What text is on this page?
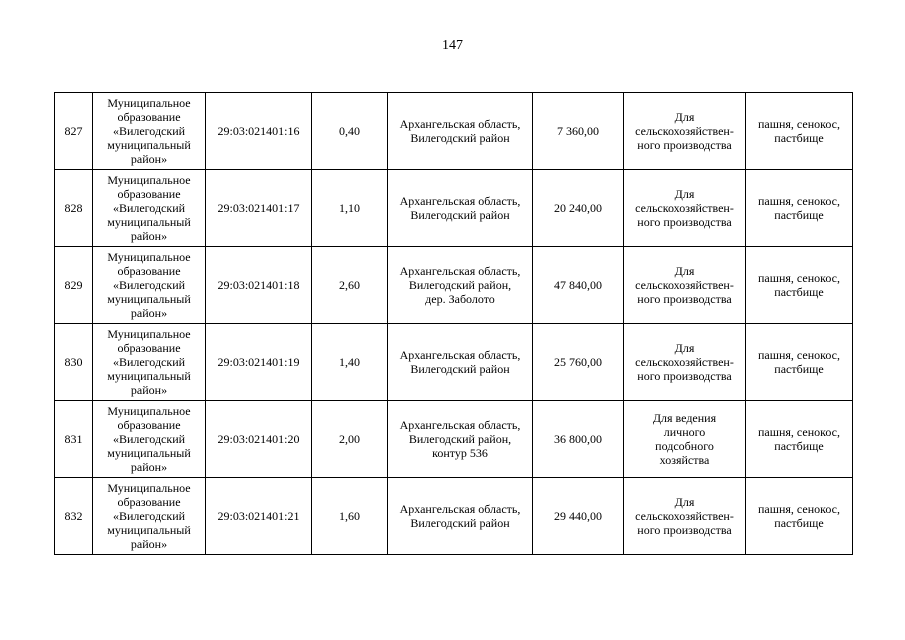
147
827	Муниципальное
образование
«Вилегодский
муниципальный
район»	29:03:021401:16	0,40	Архангельская область,
Вилегодский район	7 360,00	Для
сельскохозяйствен-
ного производства	пашня, сенокос,
пастбище
828	Муниципальное
образование
«Вилегодский
муниципальный
район»	29:03:021401:17	1,10	Архангельская область,
Вилегодский район	20 240,00	Для
сельскохозяйствен-
ного производства	пашня, сенокос,
пастбище
829	Муниципальное
образование
«Вилегодский
муниципальный
район»	29:03:021401:18	2,60	Архангельская область,
Вилегодский район,
дер. Заболото	47 840,00	Для
сельскохозяйствен-
ного производства	пашня, сенокос,
пастбище
830	Муниципальное
образование
«Вилегодский
муниципальный
район»	29:03:021401:19	1,40	Архангельская область,
Вилегодский район	25 760,00	Для
сельскохозяйствен-
ного производства	пашня, сенокос,
пастбище
831	Муниципальное
образование
«Вилегодский
муниципальный
район»	29:03:021401:20	2,00	Архангельская область,
Вилегодский район,
контур 536	36 800,00	Для ведения
личного
подсобного
хозяйства	пашня, сенокос,
пастбище
832	Муниципальное
образование
«Вилегодский
муниципальный
район»	29:03:021401:21	1,60	Архангельская область,
Вилегодский район	29 440,00	Для
сельскохозяйствен-
ного производства	пашня, сенокос,
пастбище
